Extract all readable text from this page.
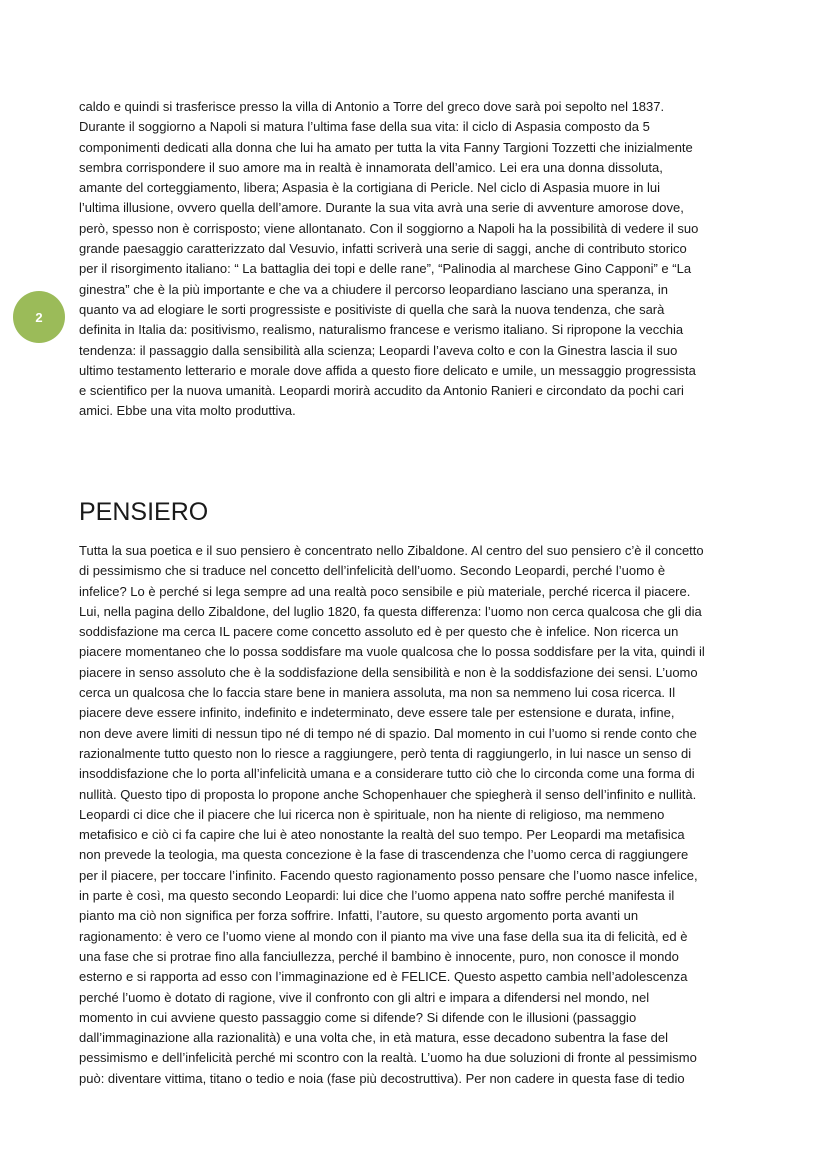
2

caldo e quindi si trasferisce presso la villa di Antonio a Torre del greco dove sarà poi sepolto nel 1837.
Durante il soggiorno a Napoli si matura l’ultima fase della sua vita: il ciclo di Aspasia composto da 5
componimenti dedicati alla donna che lui ha amato per tutta la vita Fanny Targioni Tozzetti che inizialmente
sembra corrispondere il suo amore ma in realtà è innamorata dell’amico. Lei era una donna dissoluta,
amante del corteggiamento, libera; Aspasia è la cortigiana di Pericle. Nel ciclo di Aspasia muore in lui
l’ultima illusione, ovvero quella dell’amore. Durante la sua vita avrà una serie di avventure amorose dove,
però, spesso non è corrisposto; viene allontanato. Con il soggiorno a Napoli ha la possibilità di vedere il suo
grande paesaggio caratterizzato dal Vesuvio, infatti scriverà una serie di saggi, anche di contributo storico
per il risorgimento italiano: “ La battaglia dei topi e delle rane”, “Palinodia al marchese Gino Capponi” e “La
ginestra” che è la più importante e che va a chiudere il percorso leopardiano lasciano una speranza, in
quanto va ad elogiare le sorti progressiste e positiviste di quella che sarà la nuova tendenza, che sarà
definita in Italia da: positivismo, realismo, naturalismo francese e verismo italiano. Si ripropone la vecchia
tendenza: il passaggio dalla sensibilità alla scienza; Leopardi l’aveva colto e con la Ginestra lascia il suo
ultimo testamento letterario e morale dove affida a questo fiore delicato e umile, un messaggio progressista
e scientifico per la nuova umanità. Leopardi morirà accudito da Antonio Ranieri e circondato da pochi cari
amici. Ebbe una vita molto produttiva.

PENSIERO

Tutta la sua poetica e il suo pensiero è concentrato nello Zibaldone. Al centro del suo pensiero c’è il concetto
di pessimismo che si traduce nel concetto dell’infelicità dell’uomo. Secondo Leopardi, perché l’uomo è
infelice? Lo è perché si lega sempre ad una realtà poco sensibile e più materiale, perché ricerca il piacere.
Lui, nella pagina dello Zibaldone, del luglio 1820, fa questa differenza: l’uomo non cerca qualcosa che gli dia
soddisfazione ma cerca IL pacere come concetto assoluto ed è per questo che è infelice. Non ricerca un
piacere momentaneo che lo possa soddisfare ma vuole qualcosa che lo possa soddisfare per la vita, quindi il
piacere in senso assoluto che è la soddisfazione della sensibilità e non è la soddisfazione dei sensi. L’uomo
cerca un qualcosa che lo faccia stare bene in maniera assoluta, ma non sa nemmeno lui cosa ricerca. Il
piacere deve essere infinito, indefinito e indeterminato, deve essere tale per estensione e durata, infine,
non deve avere limiti di nessun tipo né di tempo né di spazio. Dal momento in cui l’uomo si rende conto che
razionalmente tutto questo non lo riesce a raggiungere, però tenta di raggiungerlo, in lui nasce un senso di
insoddisfazione che lo porta all’infelicità umana e a considerare tutto ciò che lo circonda come una forma di
nullità. Questo tipo di proposta lo propone anche Schopenhauer che spiegherà il senso dell’infinito e nullità.
Leopardi ci dice che il piacere che lui ricerca non è spirituale, non ha niente di religioso, ma nemmeno
metafisico e ciò ci fa capire che lui è ateo nonostante la realtà del suo tempo. Per Leopardi ma metafisica
non prevede la teologia, ma questa concezione è la fase di trascendenza che l’uomo cerca di raggiungere
per il piacere, per toccare l’infinito. Facendo questo ragionamento posso pensare che l’uomo nasce infelice,
in parte è così, ma questo secondo Leopardi: lui dice che l’uomo appena nato soffre perché manifesta il
pianto ma ciò non significa per forza soffrire. Infatti, l’autore, su questo argomento porta avanti un
ragionamento: è vero ce l’uomo viene al mondo con il pianto ma vive una fase della sua ita di felicità, ed è
una fase che si protrae fino alla fanciullezza, perché il bambino è innocente, puro, non conosce il mondo
esterno e si rapporta ad esso con l’immaginazione ed è FELICE. Questo aspetto cambia nell’adolescenza
perché l’uomo è dotato di ragione, vive il confronto con gli altri e impara a difendersi nel mondo, nel
momento in cui avviene questo passaggio come si difende? Si difende con le illusioni (passaggio
dall’immaginazione alla razionalità) e una volta che, in età matura, esse decadono subentra la fase del
pessimismo e dell’infelicità perché mi scontro con la realtà. L’uomo ha due soluzioni di fronte al pessimismo
può: diventare vittima, titano o tedio e noia (fase più decostruttiva). Per non cadere in questa fase di tedio
